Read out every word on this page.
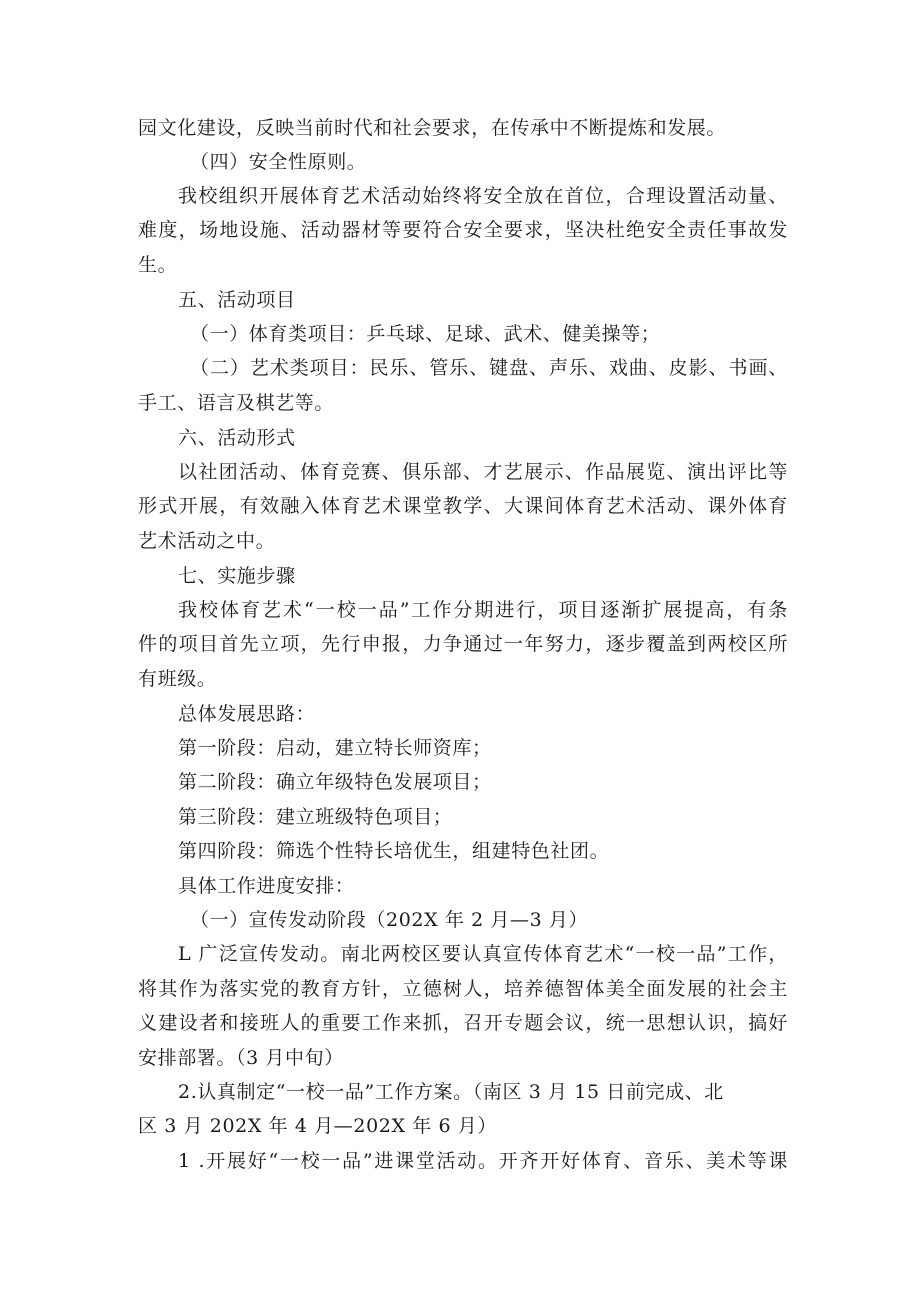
园文化建设，反映当前时代和社会要求，在传承中不断提炼和发展。
（四）安全性原则。
我校组织开展体育艺术活动始终将安全放在首位，合理设置活动量、
难度，场地设施、活动器材等要符合安全要求，坚决杜绝安全责任事故发
生。
五、活动项目
（一）体育类项目：乒乓球、足球、武术、健美操等；
（二）艺术类项目：民乐、管乐、键盘、声乐、戏曲、皮影、书画、
手工、语言及棋艺等。
六、活动形式
以社团活动、体育竞赛、俱乐部、才艺展示、作品展览、演出评比等
形式开展，有效融入体育艺术课堂教学、大课间体育艺术活动、课外体育
艺术活动之中。
七、实施步骤
我校体育艺术“一校一品”工作分期进行，项目逐渐扩展提高，有条
件的项目首先立项，先行申报，力争通过一年努力，逐步覆盖到两校区所
有班级。
总体发展思路：
第一阶段：启动，建立特长师资库；
第二阶段：确立年级特色发展项目；
第三阶段：建立班级特色项目；
第四阶段：筛选个性特长培优生，组建特色社团。
具体工作进度安排：
（一）宣传发动阶段（202X 年 2 月—3 月）
L 广泛宣传发动。南北两校区要认真宣传体育艺术“一校一品”工作，
将其作为落实党的教育方针，立德树人，培养德智体美全面发展的社会主
义建设者和接班人的重要工作来抓，召开专题会议，统一思想认识，搞好
安排部署。（3 月中旬）
2.认真制定“一校一品”工作方案。（南区 3 月 15 日前完成、北
区 3 月 202X 年 4 月—202X 年 6 月）
1 .开展好“一校一品”进课堂活动。开齐开好体育、音乐、美术等课
